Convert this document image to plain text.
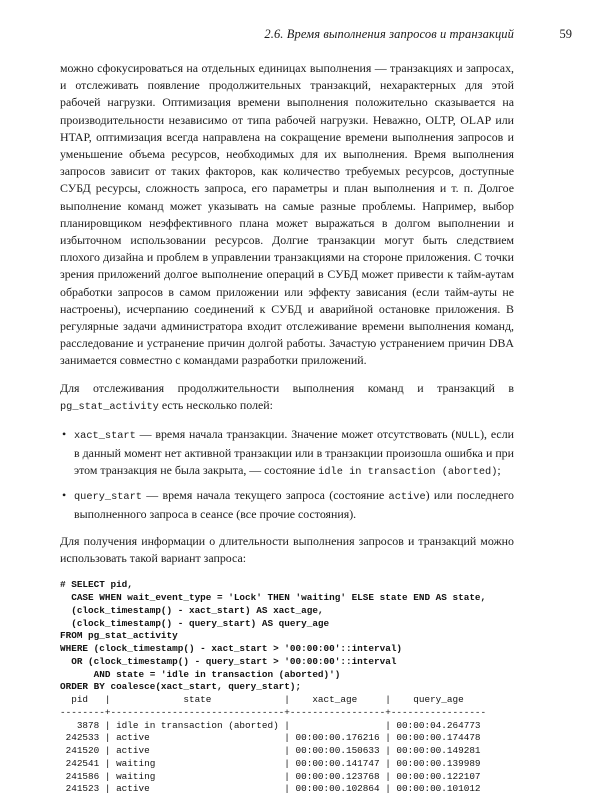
2.6. Время выполнения запросов и транзакций	59

можно сфокусироваться на отдельных единицах выполнения — транзакциях и запросах, и отслеживать появление продолжительных транзакций, нехарактерных для этой рабочей нагрузки. Оптимизация времени выполнения положительно сказывается на производительности независимо от типа рабочей нагрузки. Неважно, OLTP, OLAP или HTAP, оптимизация всегда направлена на сокращение времени выполнения запросов и уменьшение объема ресурсов, необходимых для их выполнения. Время выполнения запросов зависит от таких факторов, как количество требуемых ресурсов, доступные СУБД ресурсы, сложность запроса, его параметры и план выполнения и т. п. Долгое выполнение команд может указывать на самые разные проблемы. Например, выбор планировщиком неэффективного плана может выражаться в долгом выполнении и избыточном использовании ресурсов. Долгие транзакции могут быть следствием плохого дизайна и проблем в управлении транзакциями на стороне приложения. С точки зрения приложений долгое выполнение операций в СУБД может привести к тайм-аутам обработки запросов в самом приложении или эффекту зависания (если тайм-ауты не настроены), исчерпанию соединений к СУБД и аварийной остановке приложения. В регулярные задачи администратора входит отслеживание времени выполнения команд, расследование и устранение причин долгой работы. Зачастую устранением причин DBA занимается совместно с командами разработки приложений.

Для отслеживания продолжительности выполнения команд и транзакций в pg_stat_activity есть несколько полей:

• xact_start — время начала транзакции. Значение может отсутствовать (NULL), если в данный момент нет активной транзакции или в транзакции произошла ошибка и при этом транзакция не была закрыта, — состояние idle in transaction (aborted);
• query_start — время начала текущего запроса (состояние active) или последнего выполненного запроса в сеансе (все прочие состояния).

Для получения информации о длительности выполнения запросов и транзакций можно использовать такой вариант запроса:

# SELECT pid,
CASE WHEN wait_event_type = 'Lock' THEN 'waiting' ELSE state END AS state,
(clock_timestamp() - xact_start) AS xact_age,
(clock_timestamp() - query_start) AS query_age
FROM pg_stat_activity
WHERE (clock_timestamp() - xact_start > '00:00:00'::interval)
OR (clock_timestamp() - query_start > '00:00:00'::interval
AND state = 'idle in transaction (aborted)')
ORDER BY coalesce(xact_start, query_start);
pid   |             state             |    xact_age     |    query_age
--------+-------------------------------+-----------------+-----------------
3878 | idle in transaction (aborted) |                 | 00:00:04.264773
242533 | active                        | 00:00:00.176216 | 00:00:00.174478
241520 | active                        | 00:00:00.150633 | 00:00:00.149281
242541 | waiting                       | 00:00:00.141747 | 00:00:00.139989
241586 | waiting                       | 00:00:00.123768 | 00:00:00.122107
241523 | active                        | 00:00:00.102864 | 00:00:00.101012
